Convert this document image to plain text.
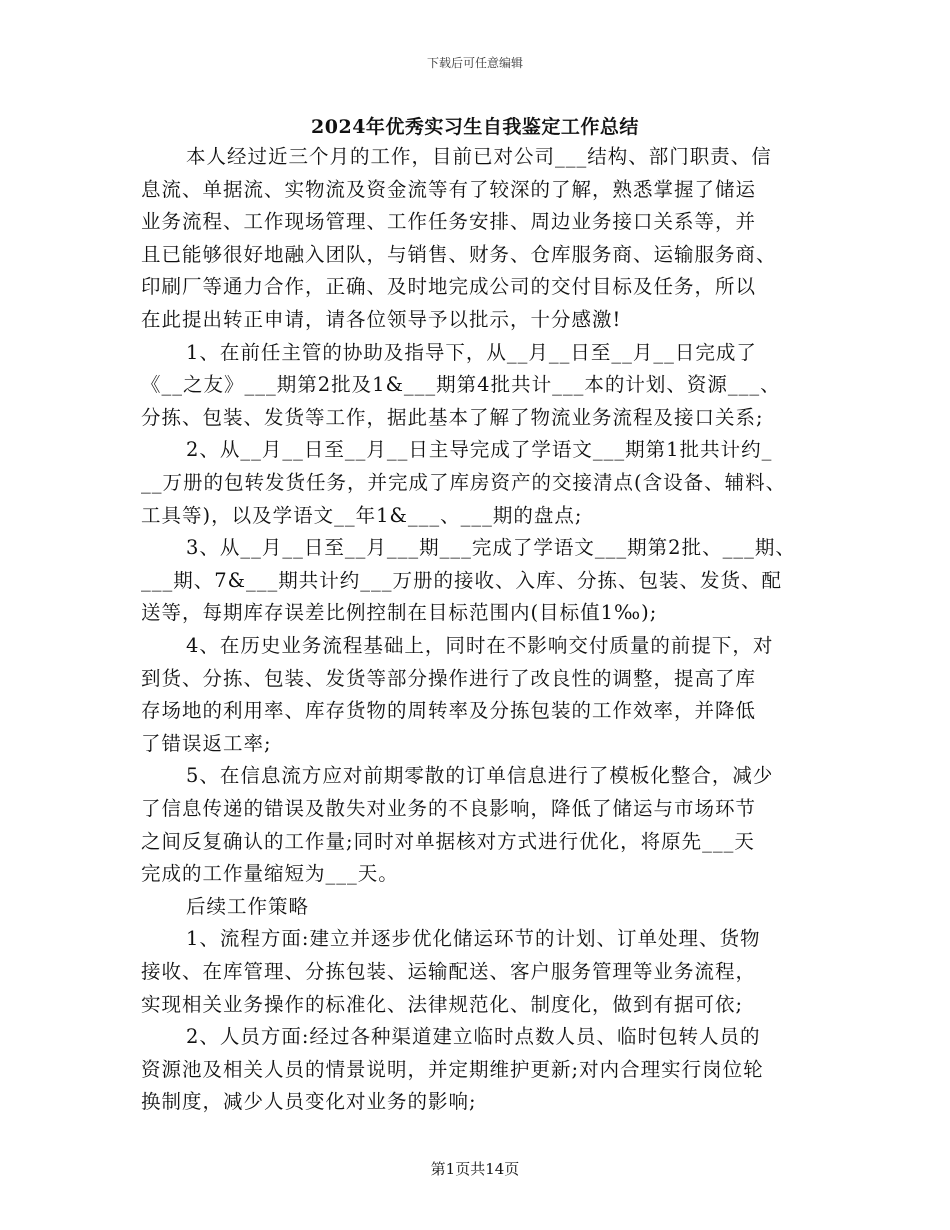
下载后可任意编辑
2024年优秀实习生自我鉴定工作总结
本人经过近三个月的工作，目前已对公司___结构、部门职责、信
息流、单据流、实物流及资金流等有了较深的了解，熟悉掌握了储运
业务流程、工作现场管理、工作任务安排、周边业务接口关系等，并
且已能够很好地融入团队，与销售、财务、仓库服务商、运输服务商、
印刷厂等通力合作，正确、及时地完成公司的交付目标及任务，所以
在此提出转正申请，请各位领导予以批示，十分感激!
1、在前任主管的协助及指导下，从__月__日至__月__日完成了
《__之友》___期第2批及1&___期第4批共计___本的计划、资源___、
分拣、包装、发货等工作，据此基本了解了物流业务流程及接口关系;
2、从__月__日至__月__日主导完成了学语文___期第1批共计约_
__万册的包转发货任务，并完成了库房资产的交接清点(含设备、辅料、
工具等)，以及学语文__年1&___、___期的盘点;
3、从__月__日至__月___期___完成了学语文___期第2批、___期、
___期、7&___期共计约___万册的接收、入库、分拣、包装、发货、配
送等，每期库存误差比例控制在目标范围内(目标值1‰);
4、在历史业务流程基础上，同时在不影响交付质量的前提下，对
到货、分拣、包装、发货等部分操作进行了改良性的调整，提高了库
存场地的利用率、库存货物的周转率及分拣包装的工作效率，并降低
了错误返工率;
5、在信息流方应对前期零散的订单信息进行了模板化整合，减少
了信息传递的错误及散失对业务的不良影响，降低了储运与市场环节
之间反复确认的工作量;同时对单据核对方式进行优化，将原先___天
完成的工作量缩短为___天。
后续工作策略
1、流程方面:建立并逐步优化储运环节的计划、订单处理、货物
接收、在库管理、分拣包装、运输配送、客户服务管理等业务流程，
实现相关业务操作的标准化、法律规范化、制度化，做到有据可依;
2、人员方面:经过各种渠道建立临时点数人员、临时包转人员的
资源池及相关人员的情景说明，并定期维护更新;对内合理实行岗位轮
换制度，减少人员变化对业务的影响;
第1页共14页
